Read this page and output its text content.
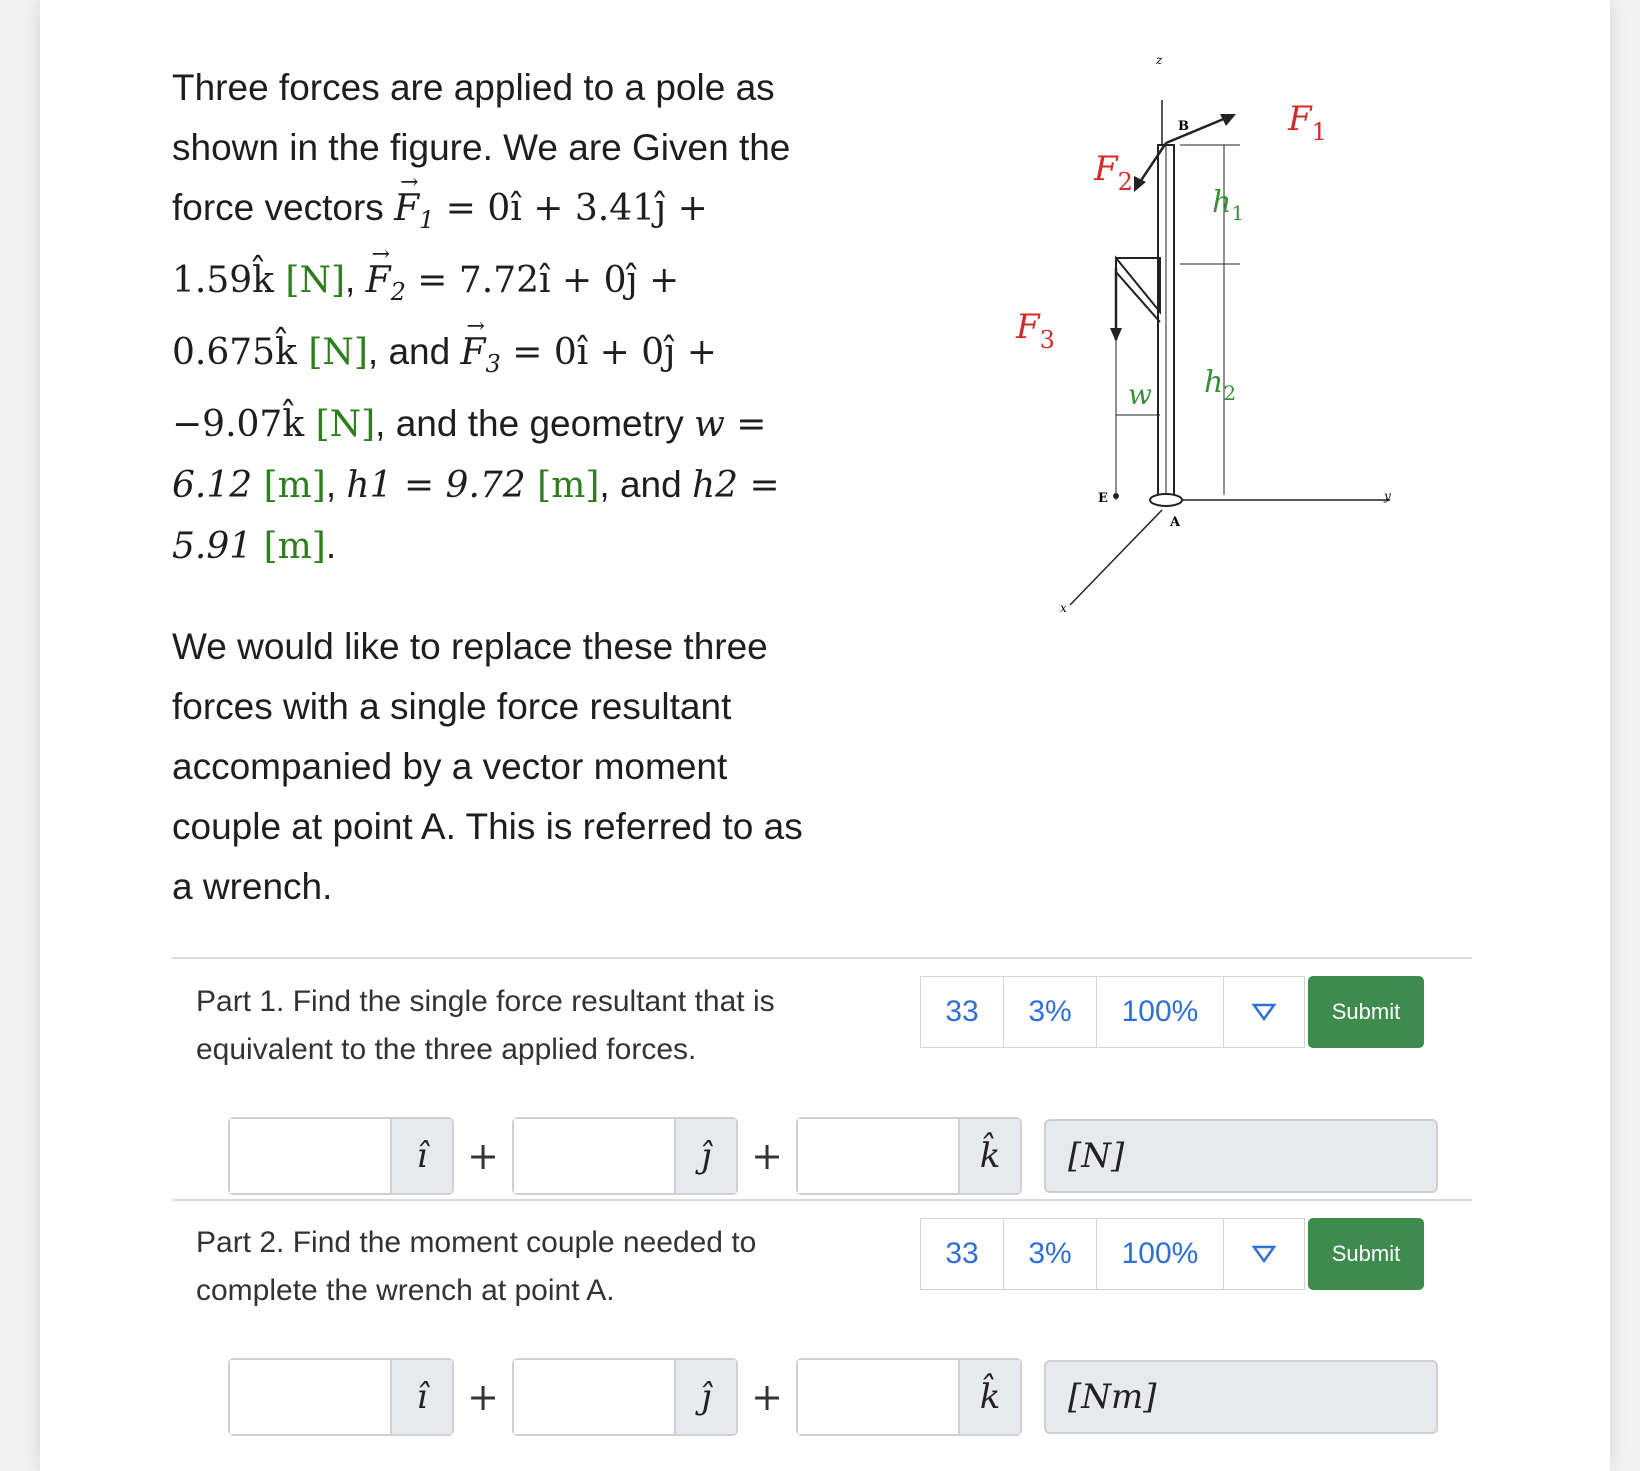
Three forces are applied to a pole as shown in the figure. We are Given the force vectors → $F_1$ = 0î + 3.41ĵ + 1.59k̂ [N], → $F_2$ = 7.72î + 0ĵ + 0.675k̂ [N], and → $F_3$ = 0î + 0ĵ + −9.07k̂ [N], and the geometry w = 6.12 [m], h1 = 9.72 [m], and h2 = 5.91 [m].

We would like to replace these three forces with a single force resultant accompanied by a vector moment couple at point A. This is referred to as a wrench.

z
y
x
B
$h_1$
$h_2$
w
E
A
$F_1$
$F_2$
$F_3$
Part 1. Find the single force resultant that is equivalent to the three applied forces.
33	3%	100%	Submit
î	+	ĵ	+	k̂	[N]
Part 2. Find the moment couple needed to complete the wrench at point A.
33	3%	100%	Submit
î	+	ĵ	+	k̂	[Nm]
